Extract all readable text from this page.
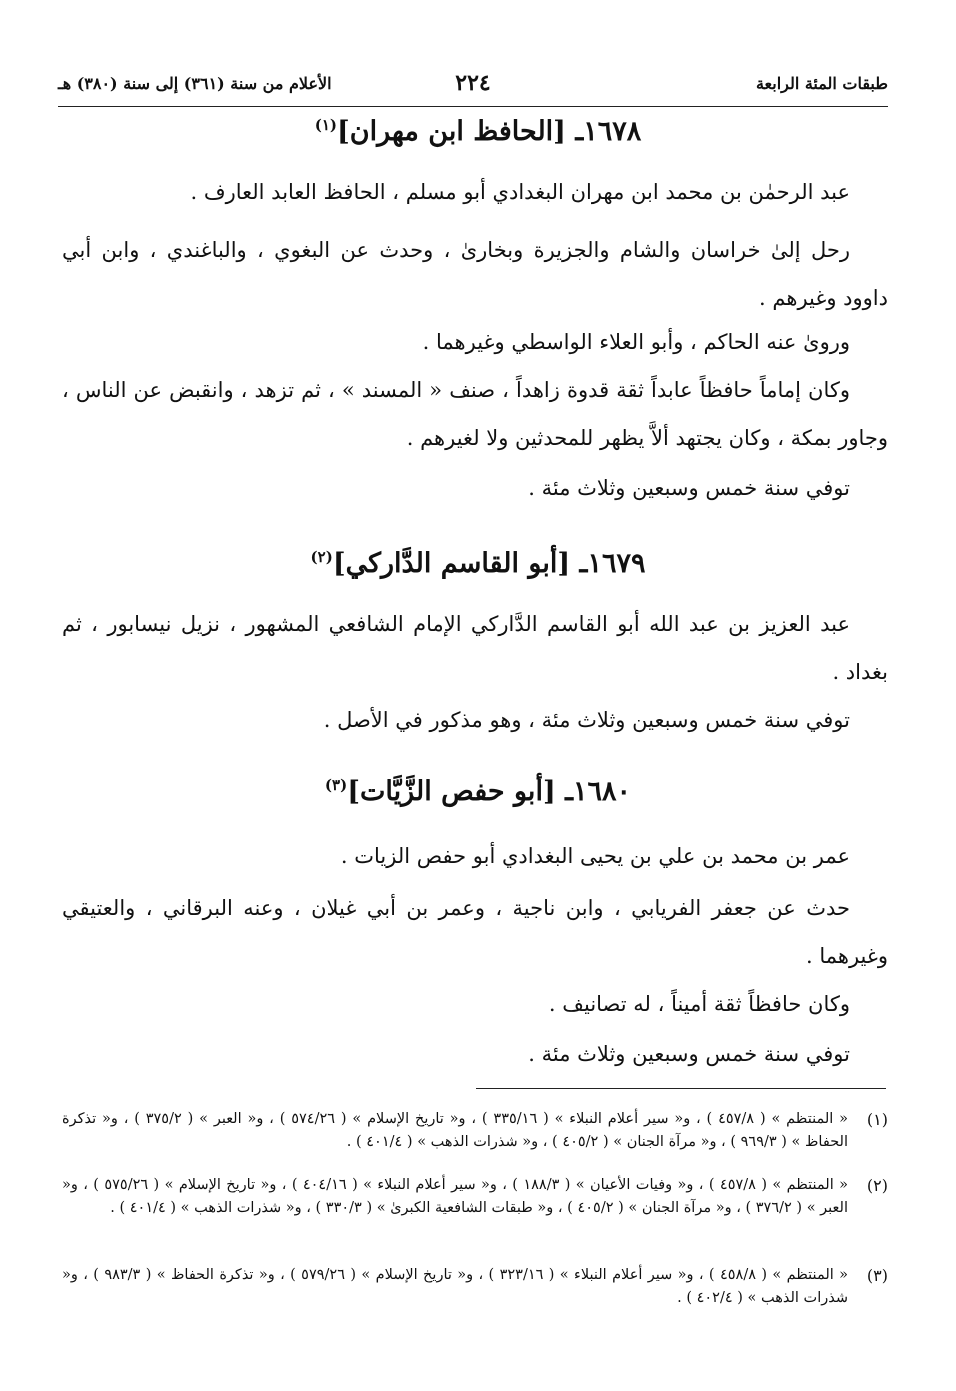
طبقات المئة الرابعة
٢٢٤
الأعلام من سنة (٣٦١) إلى سنة (٣٨٠) هـ
١٦٧٨ـ [الحافظ ابن مهران]$^{(١)}$
عبد الرحمٰن بن محمد ابن مهران البغدادي أبو مسلم ، الحافظ العابد العارف .
رحل إلىٰ خراسان والشام والجزيرة وبخارىٰ ، وحدث عن البغوي ، والباغندي ، وابن أبي داوود وغيرهم .
وروىٰ عنه الحاكم ، وأبو العلاء الواسطي وغيرهما .
وكان إماماً حافظاً عابداً ثقة قدوة زاهداً ، صنف « المسند » ، ثم تزهد ، وانقبض عن الناس ، وجاور بمكة ، وكان يجتهد ألاَّ يظهر للمحدثين ولا لغيرهم .
توفي سنة خمس وسبعين وثلاث مئة .
١٦٧٩ـ [أبو القاسم الدَّاركي]$^{(٢)}$
عبد العزيز بن عبد الله أبو القاسم الدَّاركي الإمام الشافعي المشهور ، نزيل نيسابور ، ثم بغداد .
توفي سنة خمس وسبعين وثلاث مئة ، وهو مذكور في الأصل .
١٦٨٠ـ [أبو حفص الزَّيَّات]$^{(٣)}$
عمر بن محمد بن علي بن يحيى البغدادي أبو حفص الزيات .
حدث عن جعفر الفريابي ، وابن ناجية ، وعمر بن أبي غيلان ، وعنه البرقاني ، والعتيقي وغيرهما .
وكان حافظاً ثقة أميناً ، له تصانيف .
توفي سنة خمس وسبعين وثلاث مئة .
(١)
« المنتظم » ( ٤٥٧/٨ ) ، و« سير أعلام النبلاء » ( ٣٣٥/١٦ ) ، و« تاريخ الإسلام » ( ٥٧٤/٢٦ ) ، و« العبر » ( ٣٧٥/٢ ) ، و« تذكرة الحفاظ » ( ٩٦٩/٣ ) ، و« مرآة الجنان » ( ٤٠٥/٢ ) ، و« شذرات الذهب » ( ٤٠١/٤ ) .
(٢)
« المنتظم » ( ٤٥٧/٨ ) ، و« وفيات الأعيان » ( ١٨٨/٣ ) ، و« سير أعلام النبلاء » ( ٤٠٤/١٦ ) ، و« تاريخ الإسلام » ( ٥٧٥/٢٦ ) ، و« العبر » ( ٣٧٦/٢ ) ، و« مرآة الجنان » ( ٤٠٥/٢ ) ، و« طبقات الشافعية الكبرىٰ » ( ٣٣٠/٣ ) ، و« شذرات الذهب » ( ٤٠١/٤ ) .
(٣)
« المنتظم » ( ٤٥٨/٨ ) ، و« سير أعلام النبلاء » ( ٣٢٣/١٦ ) ، و« تاريخ الإسلام » ( ٥٧٩/٢٦ ) ، و« تذكرة الحفاظ » ( ٩٨٣/٣ ) ، و« شذرات الذهب » ( ٤٠٢/٤ ) .
